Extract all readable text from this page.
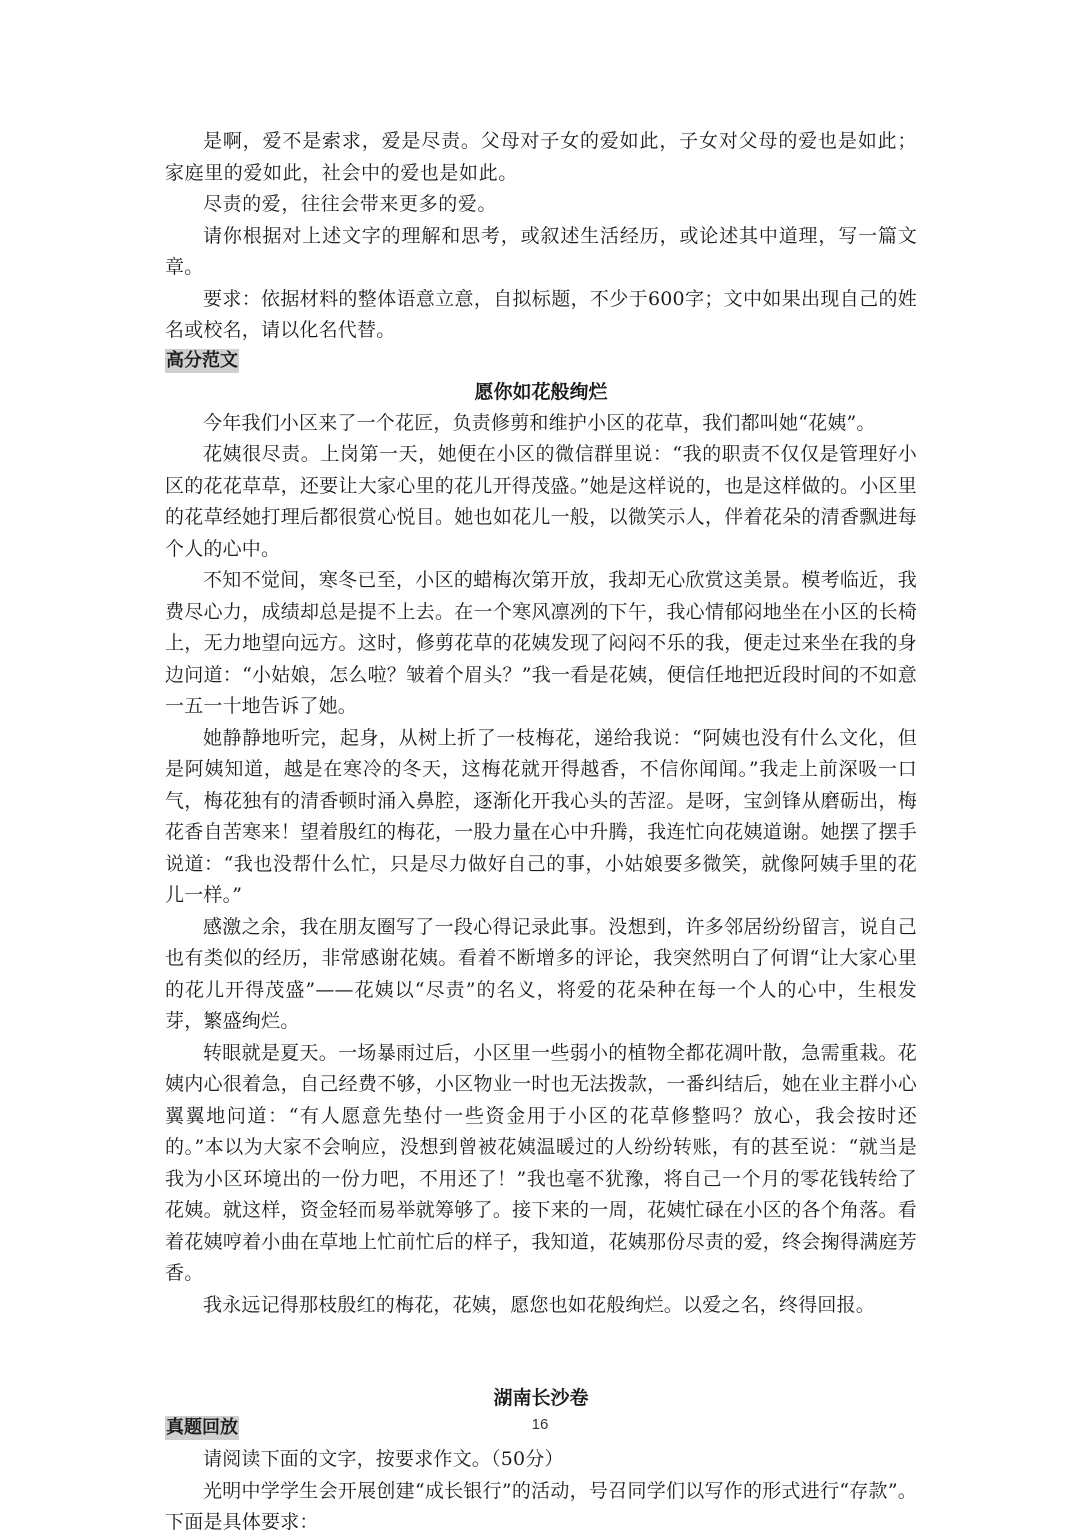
是啊，爱不是索求，爱是尽责。父母对子女的爱如此，子女对父母的爱也是如此；家庭里的爱如此，社会中的爱也是如此。

尽责的爱，往往会带来更多的爱。

请你根据对上述文字的理解和思考，或叙述生活经历，或论述其中道理，写一篇文章。

要求：依据材料的整体语意立意，自拟标题，不少于600字；文中如果出现自己的姓名或校名，请以化名代替。

高分范文

愿你如花般绚烂

今年我们小区来了一个花匠，负责修剪和维护小区的花草，我们都叫她“花姨”。

花姨很尽责。上岗第一天，她便在小区的微信群里说：“我的职责不仅仅是管理好小区的花花草草，还要让大家心里的花儿开得茂盛。”她是这样说的，也是这样做的。小区里的花草经她打理后都很赏心悦目。她也如花儿一般，以微笑示人，伴着花朵的清香飘进每个人的心中。

不知不觉间，寒冬已至，小区的蜡梅次第开放，我却无心欣赏这美景。模考临近，我费尽心力，成绩却总是提不上去。在一个寒风凛冽的下午，我心情郁闷地坐在小区的长椅上，无力地望向远方。这时，修剪花草的花姨发现了闷闷不乐的我，便走过来坐在我的身边问道：“小姑娘，怎么啦？皱着个眉头？”我一看是花姨，便信任地把近段时间的不如意一五一十地告诉了她。

她静静地听完，起身，从树上折了一枝梅花，递给我说：“阿姨也没有什么文化，但是阿姨知道，越是在寒冷的冬天，这梅花就开得越香，不信你闻闻。”我走上前深吸一口气，梅花独有的清香顿时涌入鼻腔，逐渐化开我心头的苦涩。是呀，宝剑锋从磨砺出，梅花香自苦寒来！望着殷红的梅花，一股力量在心中升腾，我连忙向花姨道谢。她摆了摆手说道：“我也没帮什么忙，只是尽力做好自己的事，小姑娘要多微笑，就像阿姨手里的花儿一样。”

感激之余，我在朋友圈写了一段心得记录此事。没想到，许多邻居纷纷留言，说自己也有类似的经历，非常感谢花姨。看着不断增多的评论，我突然明白了何谓“让大家心里的花儿开得茂盛”——花姨以“尽责”的名义，将爱的花朵种在每一个人的心中，生根发芽，繁盛绚烂。

转眼就是夏天。一场暴雨过后，小区里一些弱小的植物全都花凋叶散，急需重栽。花姨内心很着急，自己经费不够，小区物业一时也无法拨款，一番纠结后，她在业主群小心翼翼地问道：“有人愿意先垫付一些资金用于小区的花草修整吗？放心，我会按时还的。”本以为大家不会响应，没想到曾被花姨温暖过的人纷纷转账，有的甚至说：“就当是我为小区环境出的一份力吧，不用还了！”我也毫不犹豫，将自己一个月的零花钱转给了花姨。就这样，资金轻而易举就筹够了。接下来的一周，花姨忙碌在小区的各个角落。看着花姨哼着小曲在草地上忙前忙后的样子，我知道，花姨那份尽责的爱，终会掬得满庭芳香。

我永远记得那枝殷红的梅花，花姨，愿您也如花般绚烂。以爱之名，终得回报。

湖南长沙卷

真题回放

请阅读下面的文字，按要求作文。（50分）

光明中学学生会开展创建“成长银行”的活动，号召同学们以写作的形式进行“存款”。下面是具体要求：

16
